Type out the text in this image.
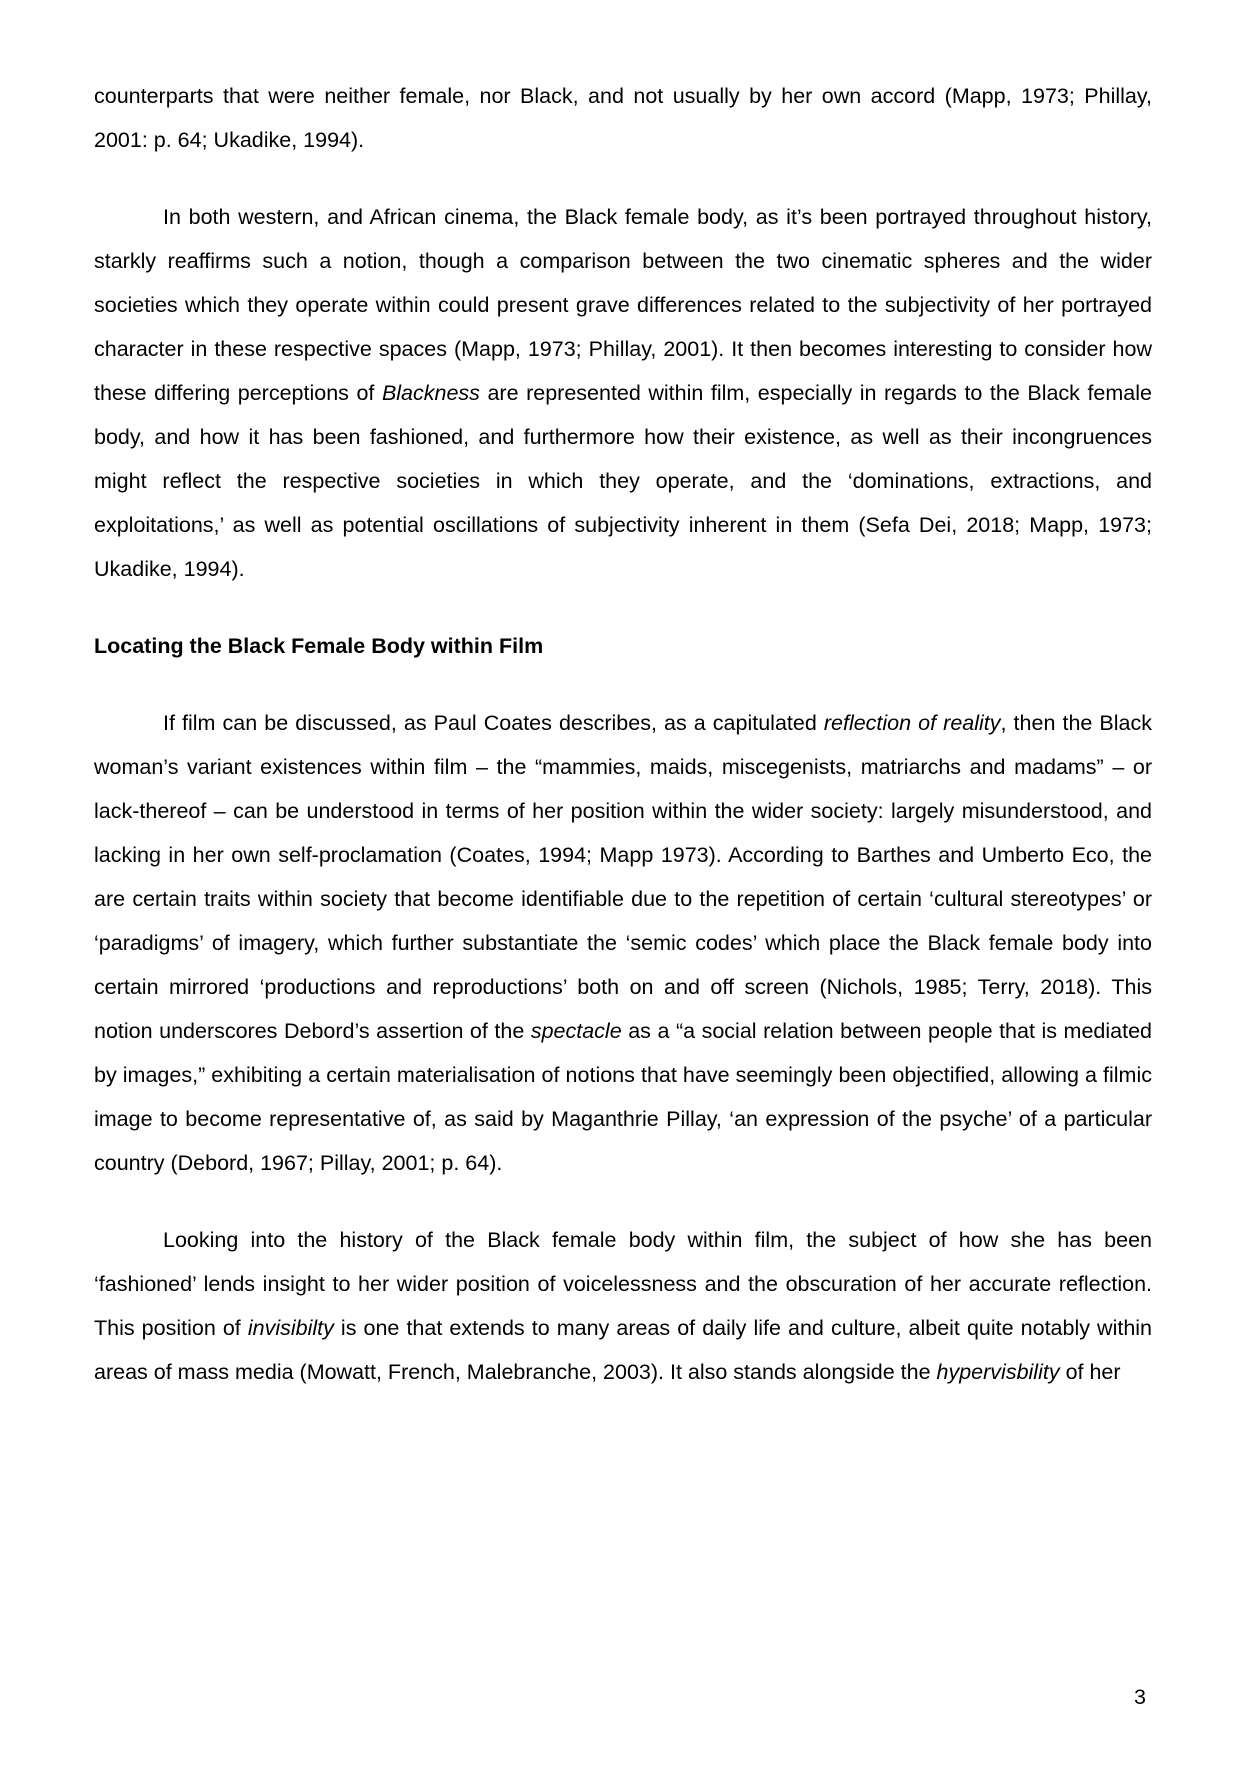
counterparts that were neither female, nor Black, and not usually by her own accord (Mapp, 1973; Phillay, 2001: p. 64; Ukadike, 1994).

In both western, and African cinema, the Black female body, as it’s been portrayed throughout history, starkly reaffirms such a notion, though a comparison between the two cinematic spheres and the wider societies which they operate within could present grave differences related to the subjectivity of her portrayed character in these respective spaces (Mapp, 1973; Phillay, 2001). It then becomes interesting to consider how these differing perceptions of Blackness are represented within film, especially in regards to the Black female body, and how it has been fashioned, and furthermore how their existence, as well as their incongruences might reflect the respective societies in which they operate, and the ‘dominations, extractions, and exploitations,’ as well as potential oscillations of subjectivity inherent in them (Sefa Dei, 2018; Mapp, 1973; Ukadike, 1994).

Locating the Black Female Body within Film

If film can be discussed, as Paul Coates describes, as a capitulated reflection of reality, then the Black woman’s variant existences within film – the “mammies, maids, miscegenists, matriarchs and madams” – or lack-thereof – can be understood in terms of her position within the wider society: largely misunderstood, and lacking in her own self-proclamation (Coates, 1994; Mapp 1973). According to Barthes and Umberto Eco, the are certain traits within society that become identifiable due to the repetition of certain ‘cultural stereotypes’ or ‘paradigms’ of imagery, which further substantiate the ‘semic codes’ which place the Black female body into certain mirrored ‘productions and reproductions’ both on and off screen (Nichols, 1985; Terry, 2018). This notion underscores Debord’s assertion of the spectacle as a “a social relation between people that is mediated by images,” exhibiting a certain materialisation of notions that have seemingly been objectified, allowing a filmic image to become representative of, as said by Maganthrie Pillay, ‘an expression of the psyche’ of a particular country (Debord, 1967; Pillay, 2001; p. 64).

Looking into the history of the Black female body within film, the subject of how she has been ‘fashioned’ lends insight to her wider position of voicelessness and the obscuration of her accurate reflection. This position of invisibilty is one that extends to many areas of daily life and culture, albeit quite notably within areas of mass media (Mowatt, French, Malebranche, 2003). It also stands alongside the hypervisbility of her

3
